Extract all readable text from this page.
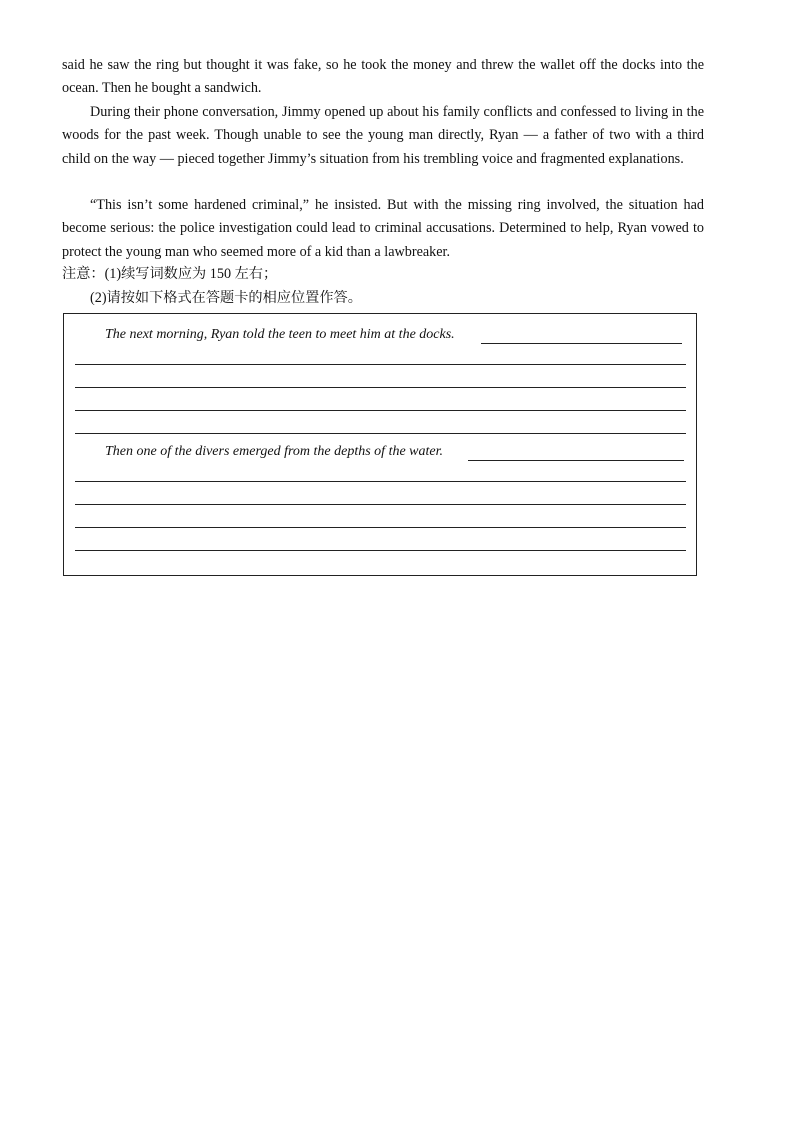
said he saw the ring but thought it was fake, so he took the money and threw the wallet off the docks into the ocean. Then he bought a sandwich.

During their phone conversation, Jimmy opened up about his family conflicts and confessed to living in the woods for the past week. Though unable to see the young man directly, Ryan — a father of two with a third child on the way — pieced together Jimmy’s situation from his trembling voice and fragmented explanations.

“This isn’t some hardened criminal,” he insisted. But with the missing ring involved, the situation had become serious: the police investigation could lead to criminal accusations. Determined to help, Ryan vowed to protect the young man who seemed more of a kid than a lawbreaker.

注意：(1)续写词数应为 150 左右；

(2)请按如下格式在答题卡的相应位置作答。

The next morning, Ryan told the teen to meet him at the docks.
Then one of the divers emerged from the depths of the water.
